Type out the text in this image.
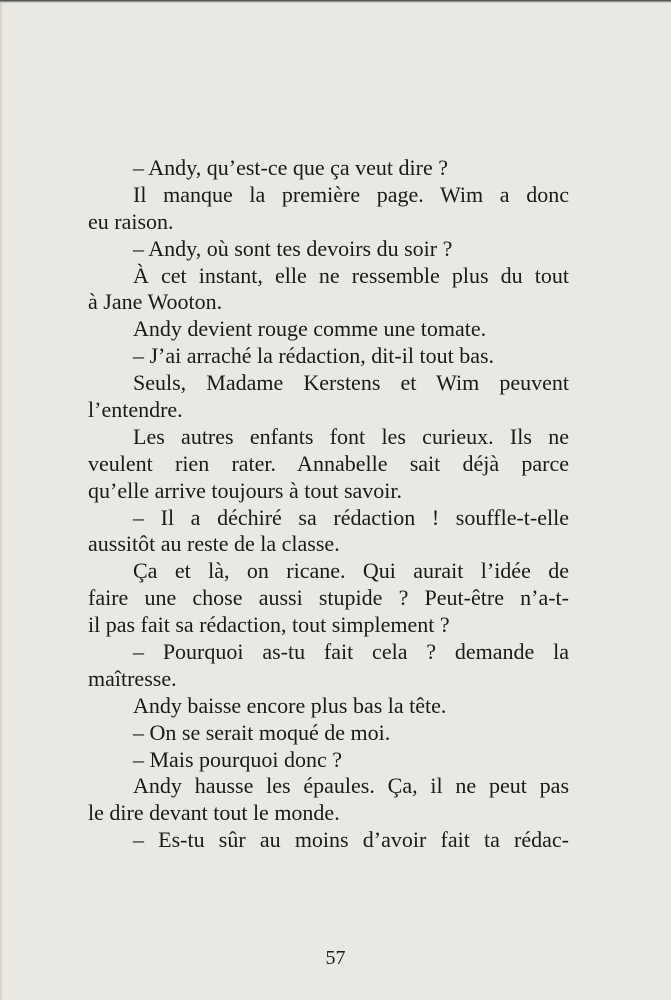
– Andy, qu’est-ce que ça veut dire ?
Il manque la première page. Wim a donc
eu raison.
– Andy, où sont tes devoirs du soir ?
À cet instant, elle ne ressemble plus du tout
à Jane Wooton.
Andy devient rouge comme une tomate.
– J’ai arraché la rédaction, dit-il tout bas.
Seuls, Madame Kerstens et Wim peuvent
l’entendre.
Les autres enfants font les curieux. Ils ne
veulent rien rater. Annabelle sait déjà parce
qu’elle arrive toujours à tout savoir.
– Il a déchiré sa rédaction ! souffle-t-elle
aussitôt au reste de la classe.
Ça et là, on ricane. Qui aurait l’idée de
faire une chose aussi stupide ? Peut-être n’a-t-
il pas fait sa rédaction, tout simplement ?
– Pourquoi as-tu fait cela ? demande la
maîtresse.
Andy baisse encore plus bas la tête.
– On se serait moqué de moi.
– Mais pourquoi donc ?
Andy hausse les épaules. Ça, il ne peut pas
le dire devant tout le monde.
– Es-tu sûr au moins d’avoir fait ta rédac-
57
